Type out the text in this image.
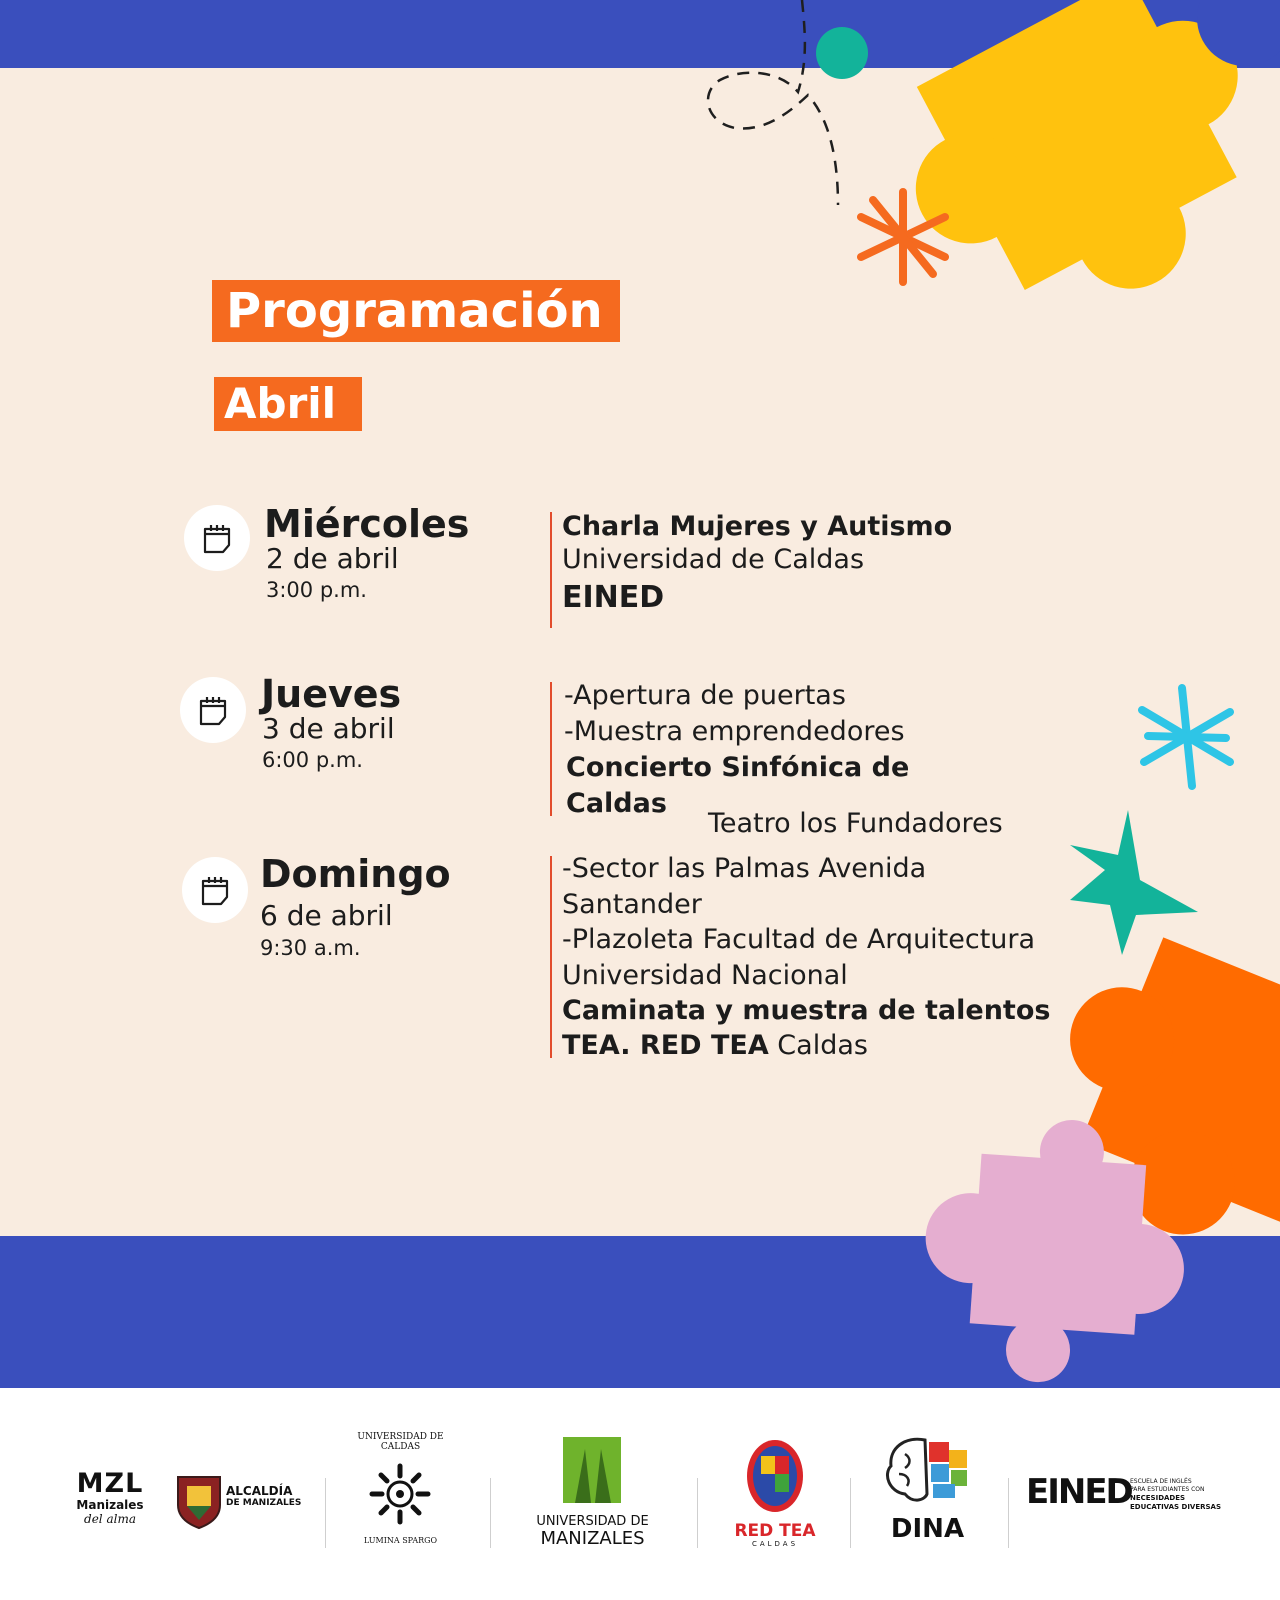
Programación
Abril
Miércoles
2 de abril
3:00 p.m.
Charla Mujeres y Autismo
Universidad de Caldas
EINED
Jueves
3 de abril
6:00 p.m.
-Apertura de puertas
-Muestra emprendedores
Concierto Sinfónica de
Caldas
Teatro los Fundadores
Domingo
6 de abril
9:30 a.m.
-Sector las Palmas Avenida
Santander
-Plazoleta Facultad de Arquitectura
Universidad Nacional
Caminata y muestra de talentos
TEA. RED TEA Caldas
MZL
Manizales
del alma
ALCALDÍA
DE MANIZALES
UNIVERSIDAD DE CALDAS
LUMINA SPARGO
UNIVERSIDAD DE
MANIZALES	RED TEA
CALDAS	DINA
EINED
ESCUELA DE INGLÉS
PARA ESTUDIANTES CON
NECESIDADES
EDUCATIVAS DIVERSAS
